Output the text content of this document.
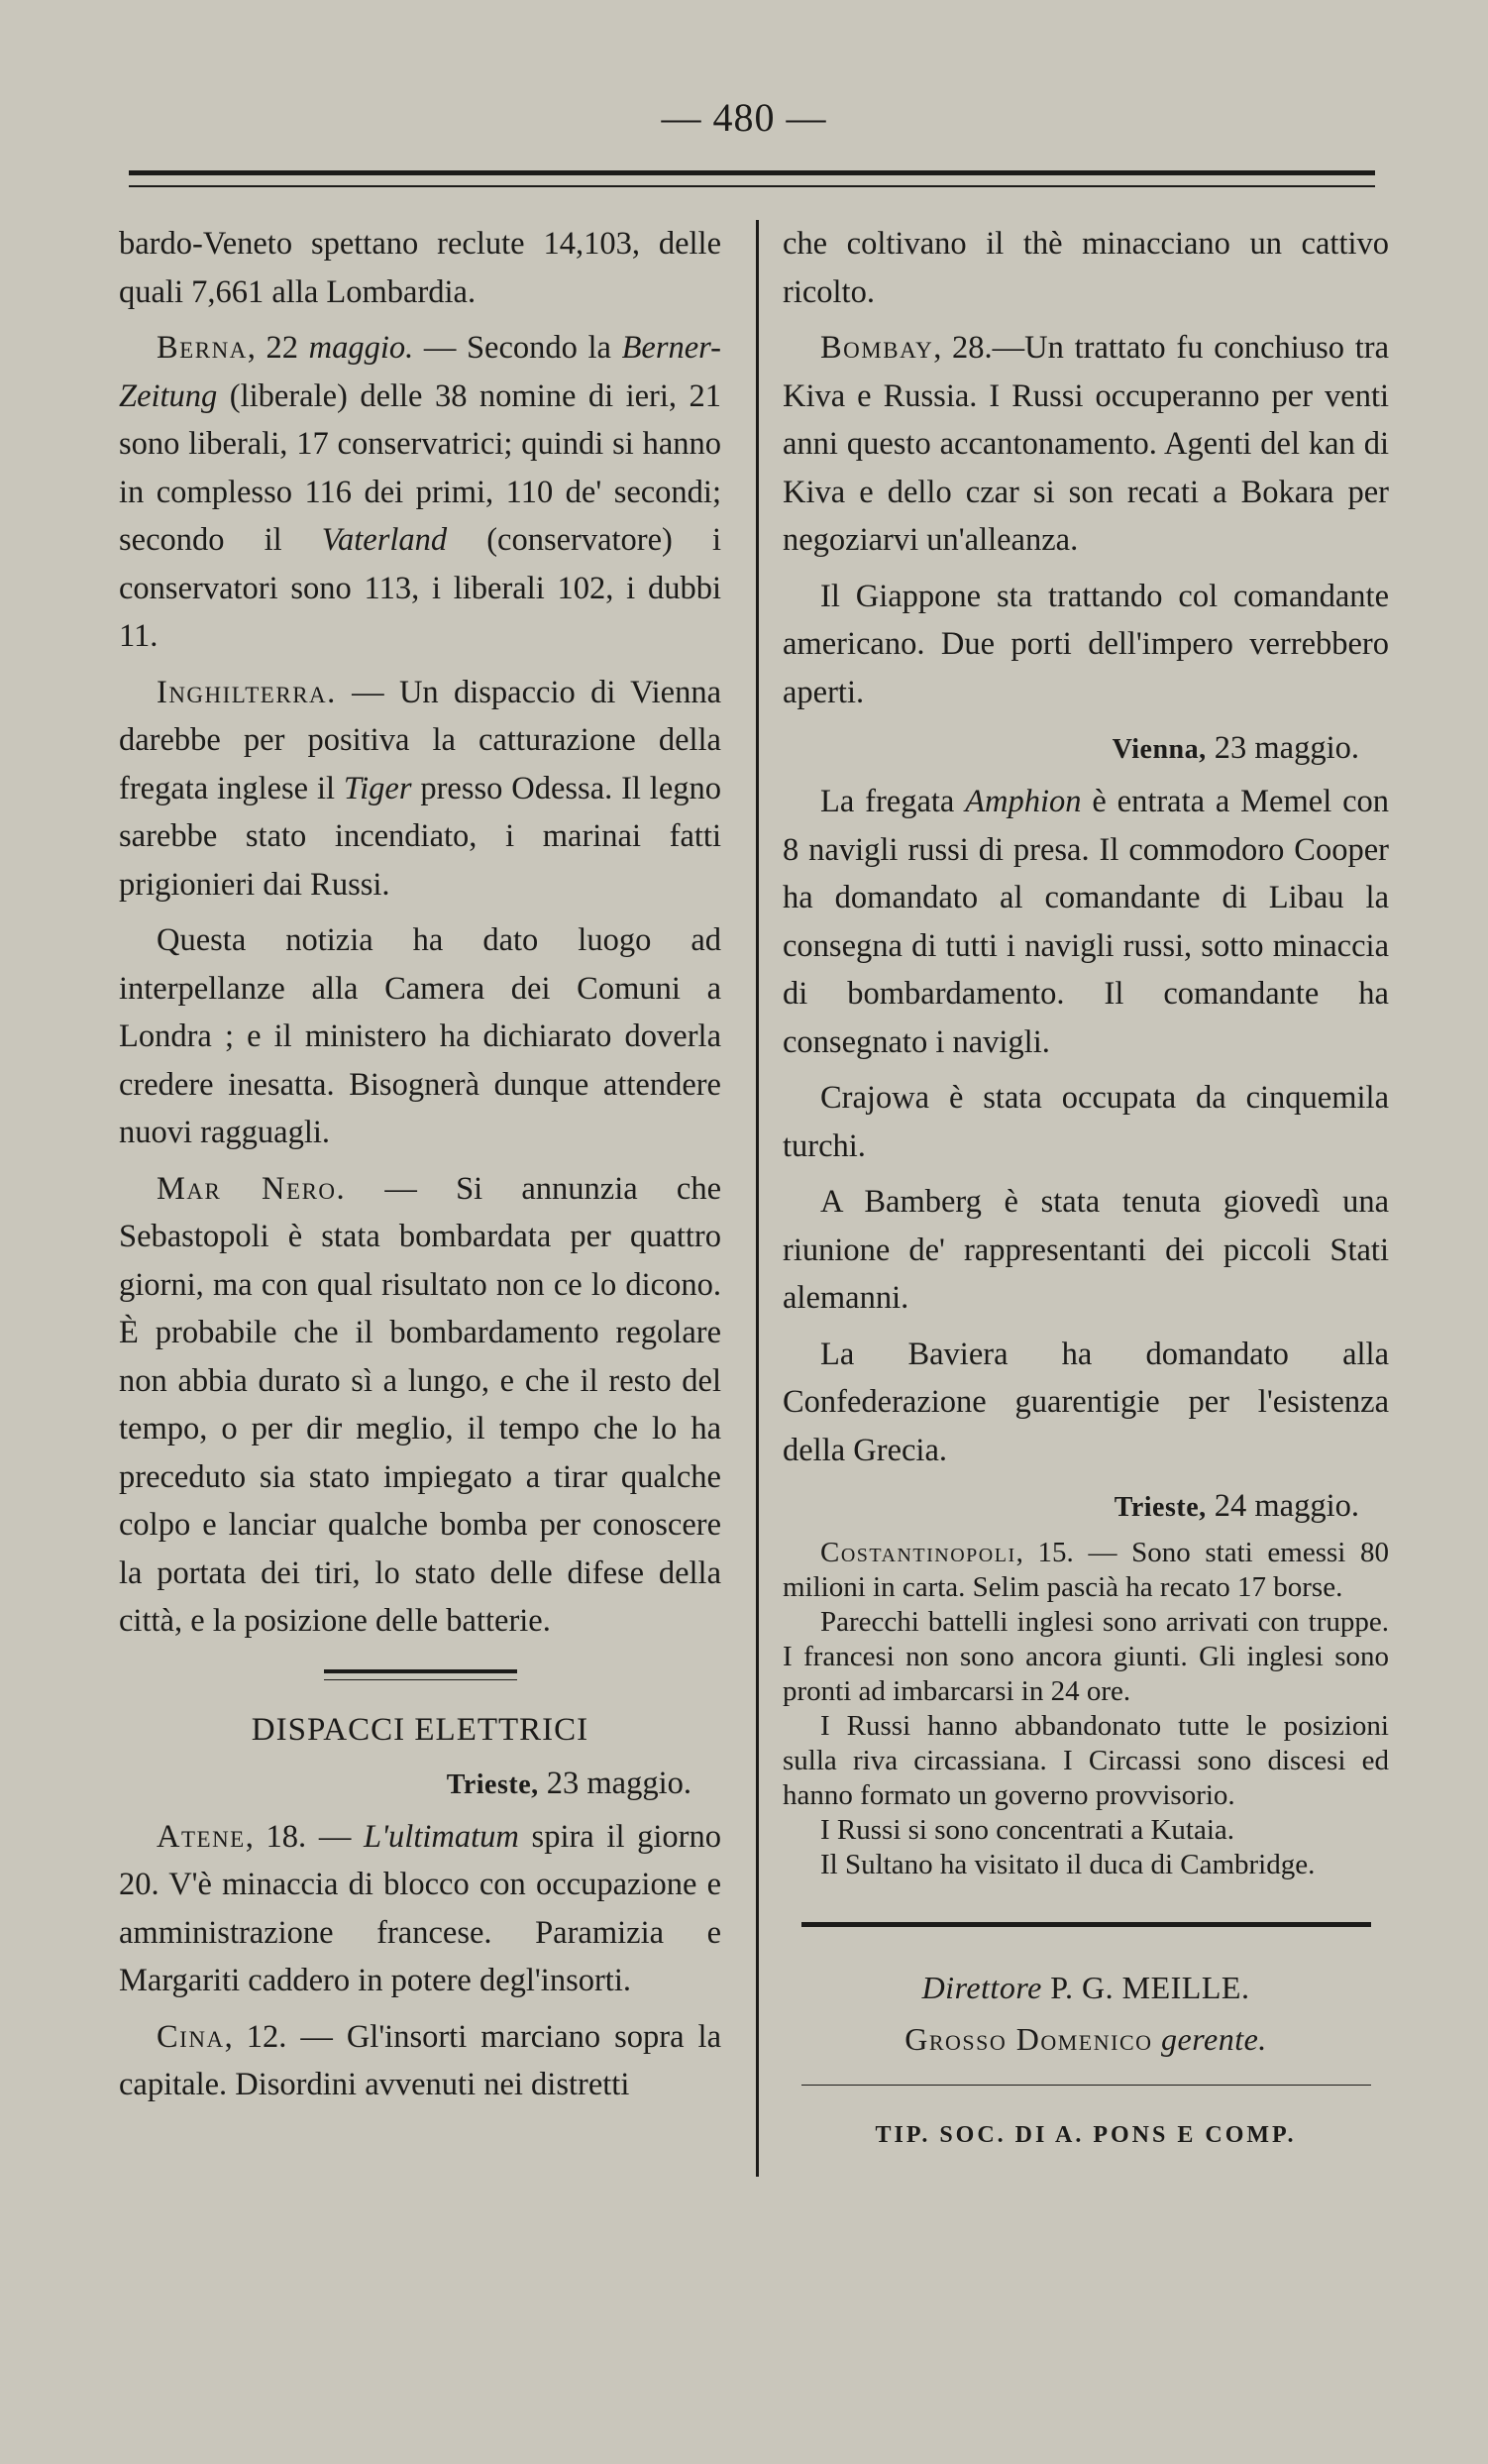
— 480 —

bardo-Veneto spettano reclute 14,103, delle quali 7,661 alla Lombardia.

Berna, 22 maggio. — Secondo la Berner-Zeitung (liberale) delle 38 nomine di ieri, 21 sono liberali, 17 conservatrici; quindi si hanno in complesso 116 dei primi, 110 de' secondi; secondo il Vaterland (conservatore) i conservatori sono 113, i liberali 102, i dubbi 11.

Inghilterra. — Un dispaccio di Vienna darebbe per positiva la catturazione della fregata inglese il Tiger presso Odessa. Il legno sarebbe stato incendiato, i marinai fatti prigionieri dai Russi.

Questa notizia ha dato luogo ad interpellanze alla Camera dei Comuni a Londra ; e il ministero ha dichiarato doverla credere inesatta. Bisognerà dunque attendere nuovi ragguagli.

Mar Nero. — Si annunzia che Sebastopoli è stata bombardata per quattro giorni, ma con qual risultato non ce lo dicono. È probabile che il bombardamento regolare non abbia durato sì a lungo, e che il resto del tempo, o per dir meglio, il tempo che lo ha preceduto sia stato impiegato a tirar qualche colpo e lanciar qualche bomba per conoscere la portata dei tiri, lo stato delle difese della città, e la posizione delle batterie.

DISPACCI ELETTRICI
Trieste, 23 maggio.

Atene, 18. — L'ultimatum spira il giorno 20. V'è minaccia di blocco con occupazione e amministrazione francese. Paramizia e Margariti caddero in potere degl'insorti.

Cina, 12. — Gl'insorti marciano sopra la capitale. Disordini avvenuti nei distretti

che coltivano il thè minacciano un cattivo ricolto.

Bombay, 28.—Un trattato fu conchiuso tra Kiva e Russia. I Russi occuperanno per venti anni questo accantonamento. Agenti del kan di Kiva e dello czar si son recati a Bokara per negoziarvi un'alleanza.

Il Giappone sta trattando col comandante americano. Due porti dell'impero verrebbero aperti.

Vienna, 23 maggio.

La fregata Amphion è entrata a Memel con 8 navigli russi di presa. Il commodoro Cooper ha domandato al comandante di Libau la consegna di tutti i navigli russi, sotto minaccia di bombardamento. Il comandante ha consegnato i navigli.

Crajowa è stata occupata da cinquemila turchi.

A Bamberg è stata tenuta giovedì una riunione de' rappresentanti dei piccoli Stati alemanni.

La Baviera ha domandato alla Confederazione guarentigie per l'esistenza della Grecia.

Trieste, 24 maggio.

Costantinopoli, 15. — Sono stati emessi 80 milioni in carta. Selim pascià ha recato 17 borse.

Parecchi battelli inglesi sono arrivati con truppe. I francesi non sono ancora giunti. Gli inglesi sono pronti ad imbarcarsi in 24 ore.

I Russi hanno abbandonato tutte le posizioni sulla riva circassiana. I Circassi sono discesi ed hanno formato un governo provvisorio.

I Russi si sono concentrati a Kutaia.

Il Sultano ha visitato il duca di Cambridge.

Direttore P. G. MEILLE.
Grosso Domenico gerente.
TIP. SOC. DI A. PONS E COMP.
